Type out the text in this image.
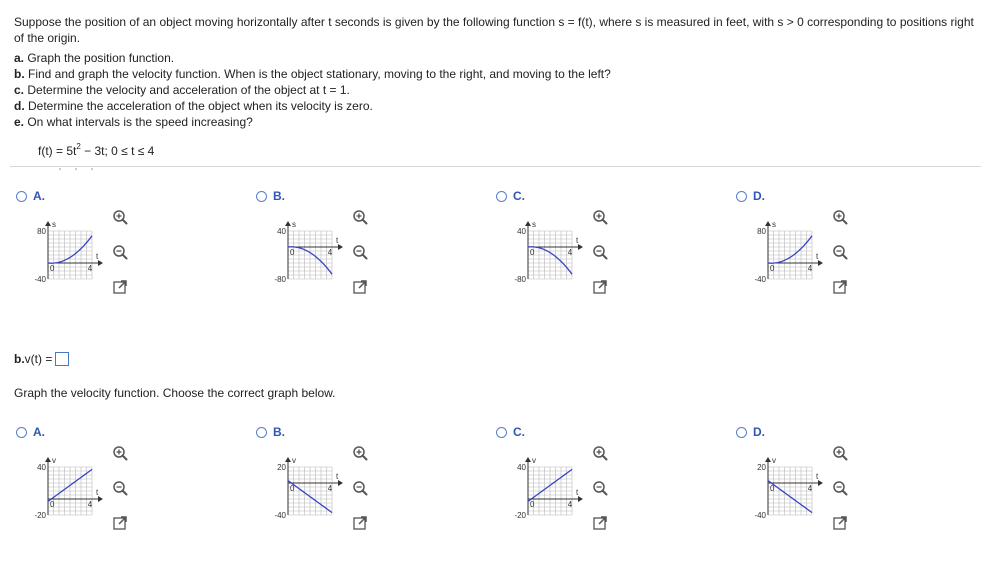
Suppose the position of an object moving horizontally after t seconds is given by the following function s = f(t), where s is measured in feet, with s > 0 corresponding to positions right of the origin.

a. Graph the position function.

b. Find and graph the velocity function. When is the object stationary, moving to the right, and moving to the left?

c. Determine the velocity and acceleration of the object at t = 1.

d. Determine the acceleration of the object when its velocity is zero.

e. On what intervals is the speed increasing?

$f(t) = 5t^2 - 3t$; 0 ≤ t ≤ 4
A.
s
80
-40
t
4
0
B.
s
40
-80
t
4
0
C.
s
40
-80
t
4
0
D.
s
80
-40
t
4
0
b. v(t) =
Graph the velocity function. Choose the correct graph below.
A.
v
40
-20
t
4
0
B.
v
20
-40
t
4
0
C.
v
40
-20
t
4
0
D.
v
20
-40
t
4
0
